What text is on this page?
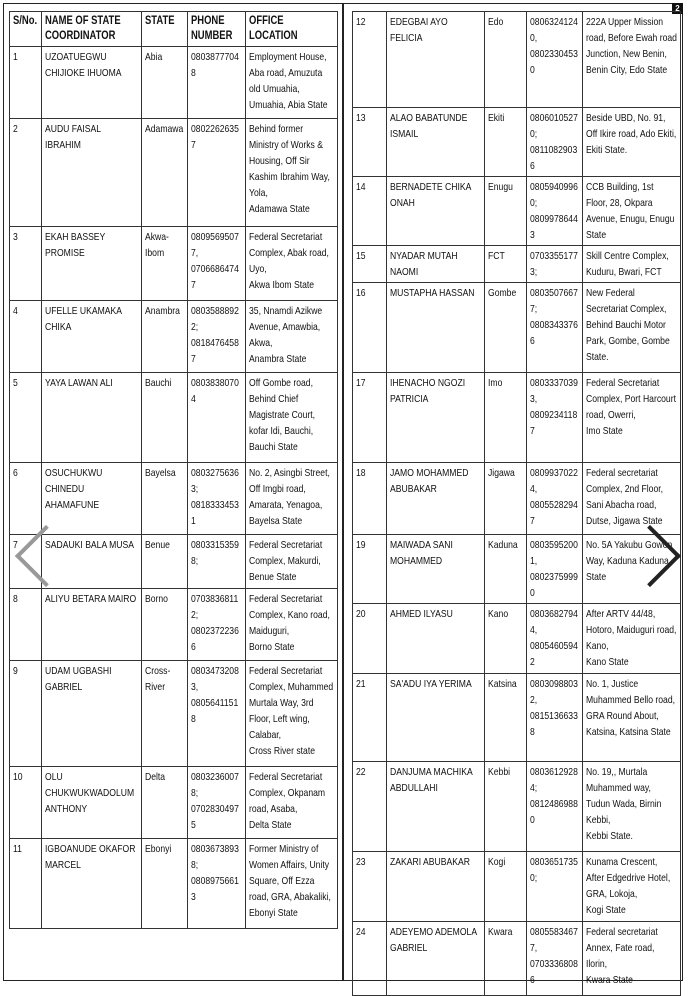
2
S/No.	NAME OF STATE COORDINATOR	STATE	PHONE NUMBER	OFFICE LOCATION

1	UZOATUEGWU CHIJIOKE IHUOMA	Abia	08038777048	Employment House, Aba road, Amuzuta old Umuahia, Umuahia, Abia State

2	AUDU FAISAL IBRAHIM	Adamawa	08022626357	Behind former Ministry of Works & Housing, Off Sir Kashim Ibrahim Way, Yola,
Adamawa State

3	EKAH BASSEY PROMISE	Akwa-Ibom	08095695077, 07066864747	Federal Secretariat Complex, Abak road, Uyo,
Akwa Ibom State

4	UFELLE UKAMAKA CHIKA	Anambra	08035888922; 08184764587	35, Nnamdi Azikwe Avenue, Amawbia, Akwa,
Anambra State

5	YAYA LAWAN ALI	Bauchi	08038380704	Off Gombe road, Behind Chief Magistrate Court, kofar Idi, Bauchi, Bauchi State

6	OSUCHUKWU CHINEDU AHAMAFUNE	Bayelsa	08032756363; 08183334531	No. 2, Asingbi Street, Off Imgbi road, Amarata, Yenagoa, Bayelsa State

7	SADAUKI BALA MUSA	Benue	08033153598;	Federal Secretariat Complex, Makurdi, Benue State

8	ALIYU BETARA MAIRO	Borno	07038368112; 08023722366	Federal Secretariat Complex, Kano road, Maiduguri,
Borno State

9	UDAM UGBASHI GABRIEL	Cross-River	08034732083, 08056411518	Federal Secretariat Complex, Muhammed Murtala Way, 3rd Floor, Left wing, Calabar,
Cross River state

10	OLU CHUKWUKWADOLUM ANTHONY	Delta	08032360078; 07028304975	Federal Secretariat Complex, Okpanam road, Asaba,
Delta State

11	IGBOANUDE OKAFOR MARCEL	Ebonyi	08036738938; 08089756613	Former Ministry of Women Affairs, Unity Square, Off Ezza road, GRA, Abakaliki, Ebonyi State
12	EDEGBAI AYO FELICIA	Edo	08063241240, 08023304530	222A Upper Mission road, Before Ewah road Junction, New Benin, Benin City, Edo State

13	ALAO BABATUNDE ISMAIL	Ekiti	08060105270; 08110829036	Beside UBD, No. 91, Off Ikire road, Ado Ekiti,
Ekiti State.

14	BERNADETE CHIKA ONAH	Enugu	08059409960; 08099786443	CCB Building, 1st Floor, 28, Okpara Avenue, Enugu, Enugu State

15	NYADAR MUTAH NAOMI	FCT	07033551773;	Skill Centre Complex, Kuduru, Bwari, FCT

16	MUSTAPHA HASSAN	Gombe	08035076677; 08083433766	New Federal Secretariat Complex, Behind Bauchi Motor Park, Gombe, Gombe State.

17	IHENACHO NGOZI PATRICIA	Imo	08033370393, 08092341187	Federal Secretariat Complex, Port Harcourt road, Owerri,
Imo State

18	JAMO MOHAMMED ABUBAKAR	Jigawa	08099370224, 08055282947	Federal secretariat Complex, 2nd Floor, Sani Abacha road, Dutse, Jigawa State

19	MAIWADA SANI MOHAMMED	Kaduna	08035952001, 08023759990	No. 5A Yakubu Gowon Way, Kaduna Kaduna State

20	AHMED ILYASU	Kano	08036827944, 08054605942	After ARTV 44/48, Hotoro, Maiduguri road, Kano,
Kano State

21	SA'ADU IYA YERIMA	Katsina	08030988032, 08151366338	No. 1, Justice Muhammed Bello road, GRA Round About, Katsina, Katsina State

22	DANJUMA MACHIKA ABDULLAHI	Kebbi	08036129284; 08124869880	No. 19,, Murtala Muhammed way, Tudun Wada, Birnin Kebbi,
Kebbi State.

23	ZAKARI ABUBAKAR	Kogi	08036517350;	Kunama Crescent, After Edgedrive Hotel, GRA, Lokoja,
Kogi State

24	ADEYEMO ADEMOLA GABRIEL	Kwara	08055834677, 07033368086	Federal secretariat Annex, Fate road, Ilorin,
Kwara State
